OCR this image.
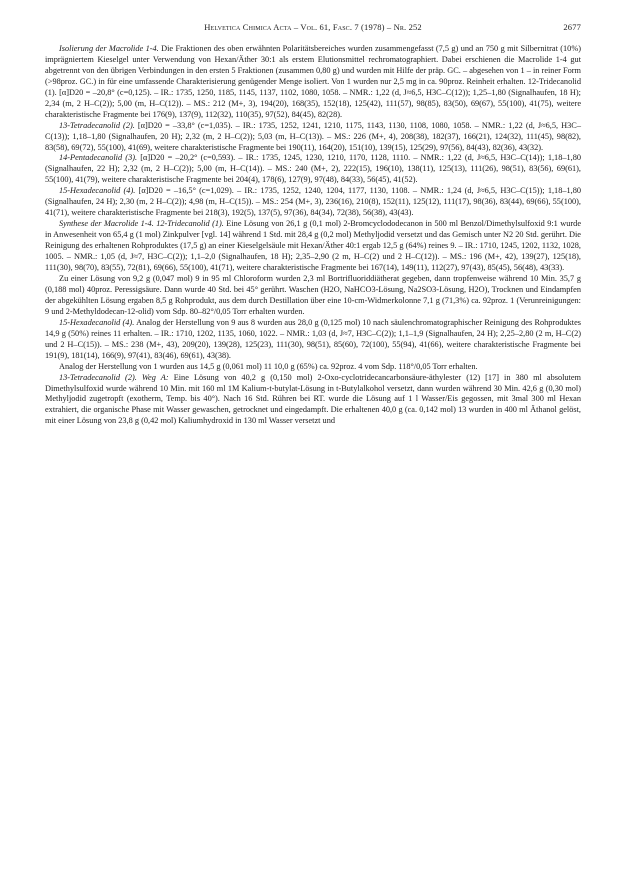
Helvetica Chimica Acta – Vol. 61, Fasc. 7 (1978) – Nr. 252	2677

Isolierung der Macrolide 1-4. Die Fraktionen des oben erwähnten Polaritätsbereiches wurden zusammengefasst (7,5 g) und an 750 g mit Silbernitrat (10%) imprägniertem Kieselgel unter Verwendung von Hexan/Äther 30:1 als erstem Elutionsmittel rechromatographiert. Dabei erschienen die Macrolide 1-4 gut abgetrennt von den übrigen Verbindungen in den ersten 5 Fraktionen (zusammen 0,80 g) und wurden mit Hilfe der präp. GC. – abgesehen von 1 – in reiner Form (>98proz. GC.) in für eine umfassende Charakterisierung genügender Menge isoliert. Von 1 wurden nur 2,5 mg in ca. 90proz. Reinheit erhalten. 12-Tridecanolid (1). [α]D20 = –20,8° (c=0,125). – IR.: 1735, 1250, 1185, 1145, 1137, 1102, 1080, 1058. – NMR.: 1,22 (d, J≈6,5, H3C–C(12)); 1,25–1,80 (Signalhaufen, 18 H); 2,34 (m, 2 H–C(2)); 5,00 (m, H–C(12)). – MS.: 212 (M+, 3), 194(20), 168(35), 152(18), 125(42), 111(57), 98(85), 83(50), 69(67), 55(100), 41(75), weitere charakteristische Fragmente bei 176(9), 137(9), 112(32), 110(35), 97(52), 84(45), 82(28).

13-Tetradecanolid (2). [α]D20 = –33,8° (c=1,035). – IR.: 1735, 1252, 1241, 1210, 1175, 1143, 1130, 1108, 1080, 1058. – NMR.: 1,22 (d, J≈6,5, H3C–C(13)); 1,18–1,80 (Signalhaufen, 20 H); 2,32 (m, 2 H–C(2)); 5,03 (m, H–C(13)). – MS.: 226 (M+, 4), 208(38), 182(37), 166(21), 124(32), 111(45), 98(82), 83(58), 69(72), 55(100), 41(69), weitere charakteristische Fragmente bei 190(11), 164(20), 151(10), 139(15), 125(29), 97(56), 84(43), 82(36), 43(32).

14-Pentadecanolid (3). [α]D20 = –20,2° (c=0,593). – IR.: 1735, 1245, 1230, 1210, 1170, 1128, 1110. – NMR.: 1,22 (d, J≈6,5, H3C–C(14)); 1,18–1,80 (Signalhaufen, 22 H); 2,32 (m, 2 H–C(2)); 5,00 (m, H–C(14)). – MS.: 240 (M+, 2), 222(15), 196(10), 138(11), 125(13), 111(26), 98(51), 83(56), 69(61), 55(100), 41(79), weitere charakteristische Fragmente bei 204(4), 178(6), 127(9), 97(48), 84(33), 56(45), 41(52).

15-Hexadecanolid (4). [α]D20 = –16,5° (c=1,029). – IR.: 1735, 1252, 1240, 1204, 1177, 1130, 1108. – NMR.: 1,24 (d, J≈6,5, H3C–C(15)); 1,18–1,80 (Signalhaufen, 24 H); 2,30 (m, 2 H–C(2)); 4,98 (m, H–C(15)). – MS.: 254 (M+, 3), 236(16), 210(8), 152(11), 125(12), 111(17), 98(36), 83(44), 69(66), 55(100), 41(71), weitere charakteristische Fragmente bei 218(3), 192(5), 137(5), 97(36), 84(34), 72(38), 56(38), 43(43).

Synthese der Macrolide 1-4. 12-Tridecanolid (1). Eine Lösung von 26,1 g (0,1 mol) 2-Bromcyclododecanon in 500 ml Benzol/Dimethylsulfoxid 9:1 wurde in Anwesenheit von 65,4 g (1 mol) Zinkpulver [vgl. 14] während 1 Std. mit 28,4 g (0,2 mol) Methyljodid versetzt und das Gemisch unter N2 20 Std. gerührt. Die Reinigung des erhaltenen Rohproduktes (17,5 g) an einer Kieselgelsäule mit Hexan/Äther 40:1 ergab 12,5 g (64%) reines 9. – IR.: 1710, 1245, 1202, 1132, 1028, 1005. – NMR.: 1,05 (d, J≈7, H3C–C(2)); 1,1–2,0 (Signalhaufen, 18 H); 2,35–2,90 (2 m, H–C(2) und 2 H–C(12)). – MS.: 196 (M+, 42), 139(27), 125(18), 111(30), 98(70), 83(55), 72(81), 69(66), 55(100), 41(71), weitere charakteristische Fragmente bei 167(14), 149(11), 112(27), 97(43), 85(45), 56(48), 43(33).

Zu einer Lösung von 9,2 g (0,047 mol) 9 in 95 ml Chloroform wurden 2,3 ml Bortrifluoriddiätherat gegeben, dann tropfenweise während 10 Min. 35,7 g (0,188 mol) 40proz. Peressigsäure. Dann wurde 40 Std. bei 45° gerührt. Waschen (H2O, NaHCO3-Lösung, Na2SO3-Lösung, H2O), Trocknen und Eindampfen der abgekühlten Lösung ergaben 8,5 g Rohprodukt, aus dem durch Destillation über eine 10-cm-Widmerkolonne 7,1 g (71,3%) ca. 92proz. 1 (Verunreinigungen: 9 und 2-Methyldodecan-12-olid) vom Sdp. 80–82°/0,05 Torr erhalten wurden.

15-Hexadecanolid (4). Analog der Herstellung von 9 aus 8 wurden aus 28,0 g (0,125 mol) 10 nach säulenchromatographischer Reinigung des Rohproduktes 14,9 g (50%) reines 11 erhalten. – IR.: 1710, 1202, 1135, 1060, 1022. – NMR.: 1,03 (d, J≈7, H3C–C(2)); 1,1–1,9 (Signalhaufen, 24 H); 2,25–2,80 (2 m, H–C(2) und 2 H–C(15)). – MS.: 238 (M+, 43), 209(20), 139(28), 125(23), 111(30), 98(51), 85(60), 72(100), 55(94), 41(66), weitere charakteristische Fragmente bei 191(9), 181(14), 166(9), 97(41), 83(46), 69(61), 43(38).

Analog der Herstellung von 1 wurden aus 14,5 g (0,061 mol) 11 10,0 g (65%) ca. 92proz. 4 vom Sdp. 118°/0,05 Torr erhalten.

13-Tetradecanolid (2). Weg A: Eine Lösung von 40,2 g (0,150 mol) 2-Oxo-cyclotridecancarbonsäure-äthylester (12) [17] in 380 ml absolutem Dimethylsulfoxid wurde während 10 Min. mit 160 ml 1M Kalium-t-butylat-Lösung in t-Butylalkohol versetzt, dann wurden während 30 Min. 42,6 g (0,30 mol) Methyljodid zugetropft (exotherm, Temp. bis 40°). Nach 16 Std. Rühren bei RT. wurde die Lösung auf 1 l Wasser/Eis gegossen, mit 3mal 300 ml Hexan extrahiert, die organische Phase mit Wasser gewaschen, getrocknet und eingedampft. Die erhaltenen 40,0 g (ca. 0,142 mol) 13 wurden in 400 ml Äthanol gelöst, mit einer Lösung von 23,8 g (0,42 mol) Kaliumhydroxid in 130 ml Wasser versetzt und
